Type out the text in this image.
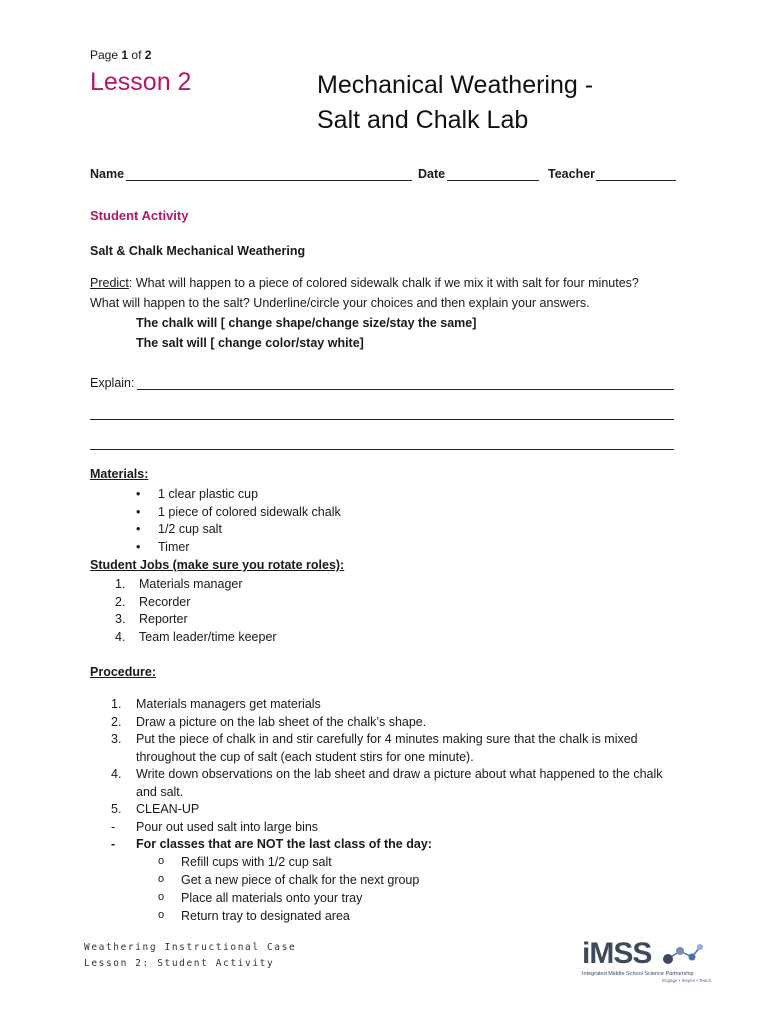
Page 1 of 2
Lesson 2	Mechanical Weathering -
Salt and Chalk Lab
Name	Date	Teacher
Student Activity
Salt & Chalk Mechanical Weathering
Predict: What will happen to a piece of colored sidewalk chalk if we mix it with salt for four minutes?
What will happen to the salt? Underline/circle your choices and then explain your answers.
The chalk will [ change shape/change size/stay the same]
The salt will [ change color/stay white]
Explain:
Materials:
• 1 clear plastic cup
• 1 piece of colored sidewalk chalk
• 1/2 cup salt
• Timer
Student Jobs (make sure you rotate roles):
1. Materials manager
2. Recorder
3. Reporter
4. Team leader/time keeper
Procedure:
1. Materials managers get materials
2. Draw a picture on the lab sheet of the chalk’s shape.
3. Put the piece of chalk in and stir carefully for 4 minutes making sure that the chalk is mixed
throughout the cup of salt (each student stirs for one minute).
4. Write down observations on the lab sheet and draw a picture about what happened to the chalk
and salt.
5. CLEAN-UP
- Pour out used salt into large bins
- For classes that are NOT the last class of the day:
o Refill cups with 1/2 cup salt
o Get a new piece of chalk for the next group
o Place all materials onto your tray
o Return tray to designated area
Weathering Instructional Case
Lesson 2: Student Activity	iMSS
Integrated Middle School Science Partnership
Engage • Inspire • Teach
